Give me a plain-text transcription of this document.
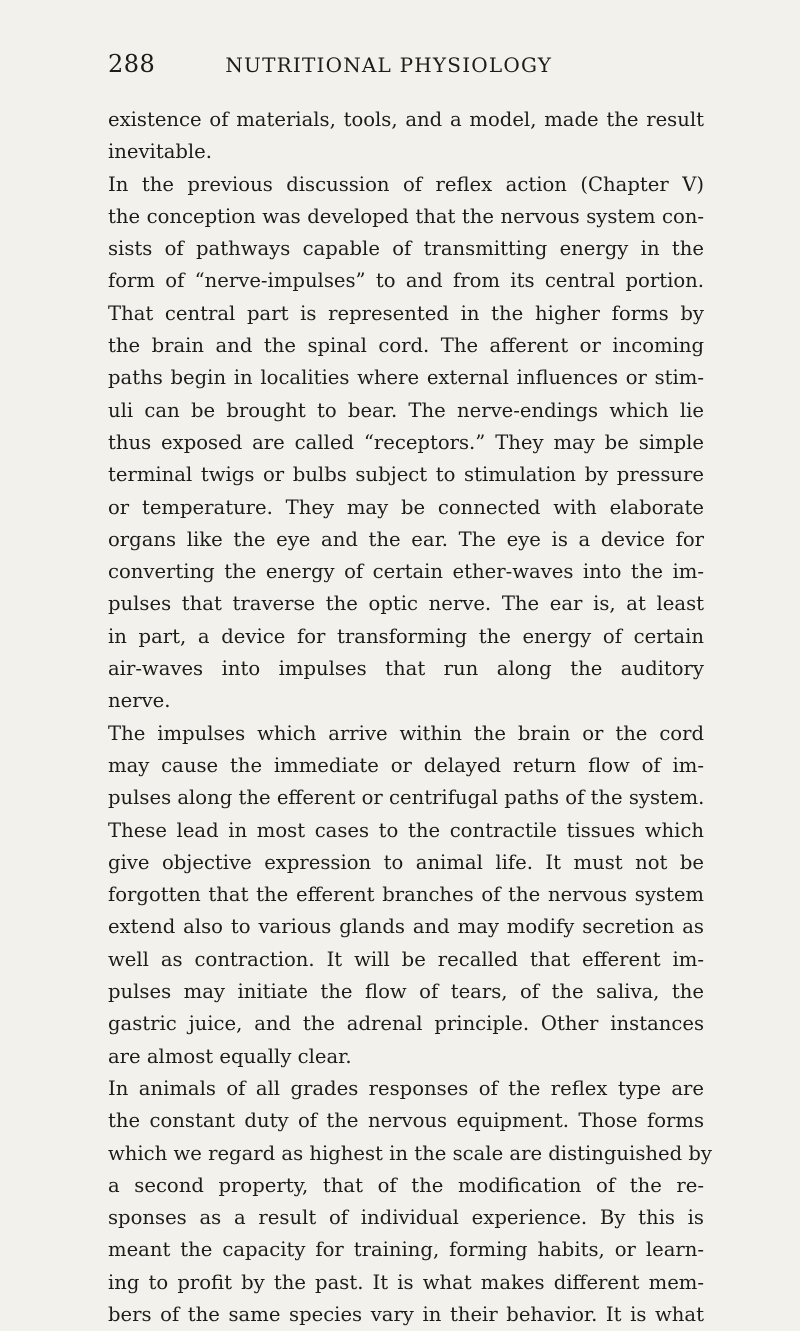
288	NUTRITIONAL PHYSIOLOGY
existence of materials, tools, and a model, made the result
inevitable.
In the previous discussion of reflex action (Chapter V)
the conception was developed that the nervous system con-
sists of pathways capable of transmitting energy in the
form of “nerve-impulses” to and from its central portion.
That central part is represented in the higher forms by
the brain and the spinal cord. The afferent or incoming
paths begin in localities where external influences or stim-
uli can be brought to bear. The nerve-endings which lie
thus exposed are called “receptors.” They may be simple
terminal twigs or bulbs subject to stimulation by pressure
or temperature. They may be connected with elaborate
organs like the eye and the ear. The eye is a device for
converting the energy of certain ether-waves into the im-
pulses that traverse the optic nerve. The ear is, at least
in part, a device for transforming the energy of certain
air-waves into impulses that run along the auditory
nerve.
The impulses which arrive within the brain or the cord
may cause the immediate or delayed return flow of im-
pulses along the efferent or centrifugal paths of the system.
These lead in most cases to the contractile tissues which
give objective expression to animal life. It must not be
forgotten that the efferent branches of the nervous system
extend also to various glands and may modify secretion as
well as contraction. It will be recalled that efferent im-
pulses may initiate the flow of tears, of the saliva, the
gastric juice, and the adrenal principle. Other instances
are almost equally clear.
In animals of all grades responses of the reflex type are
the constant duty of the nervous equipment. Those forms
which we regard as highest in the scale are distinguished by
a second property, that of the modification of the re-
sponses as a result of individual experience. By this is
meant the capacity for training, forming habits, or learn-
ing to profit by the past. It is what makes different mem-
bers of the same species vary in their behavior. It is what
